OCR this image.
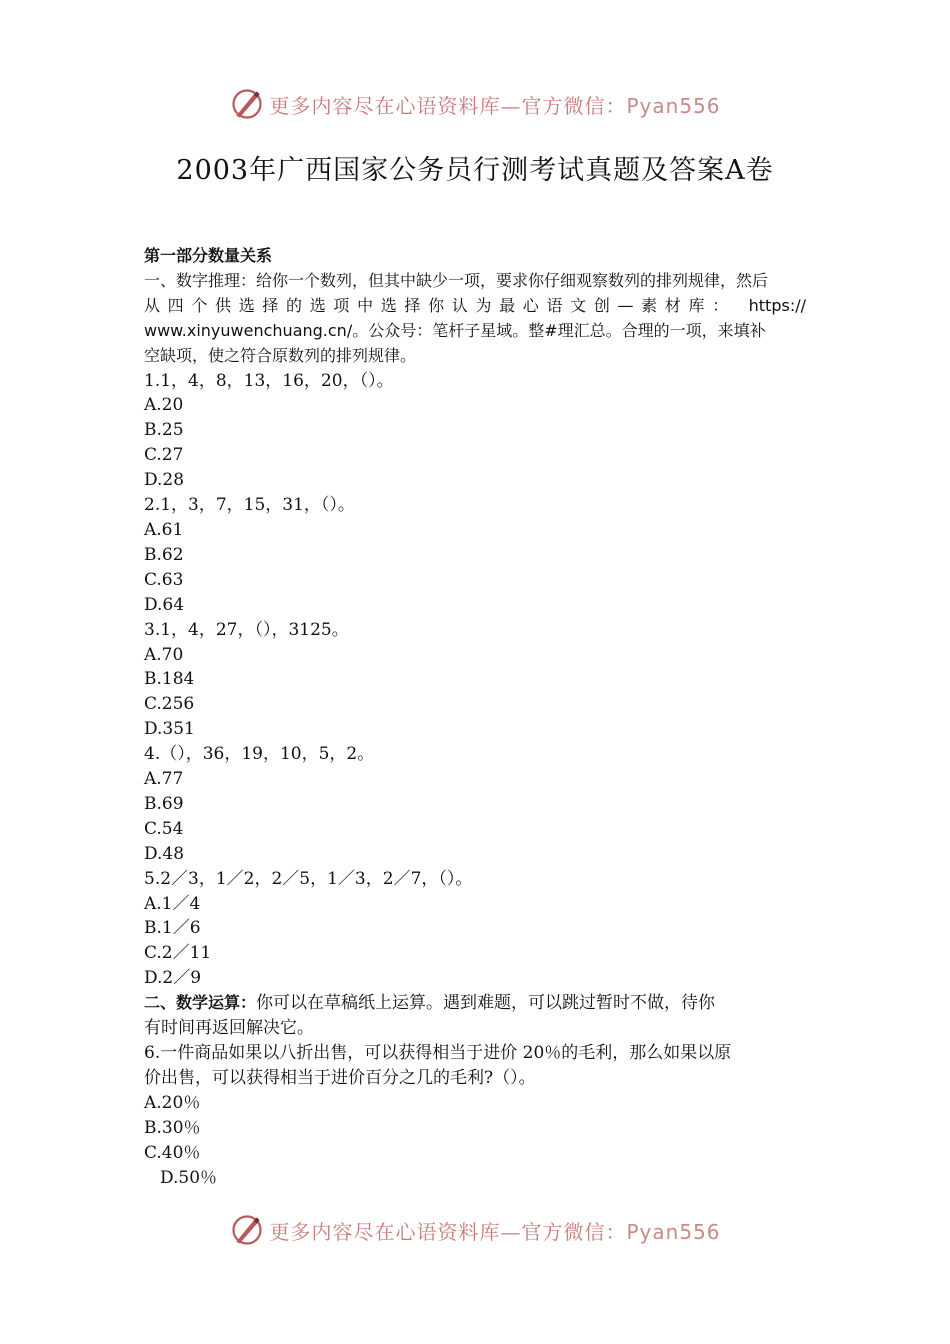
更多内容尽在心语资料库—官方微信：Pyan556
2003年广西国家公务员行测考试真题及答案A卷
第一部分数量关系
一、数字推理：给你一个数列，但其中缺少一项，要求你仔细观察数列的排列规律，然后
从四个供选择的选项中选择你认为最心语文创—素材库： https://
www.xinyuwenchuang.cn/。公众号：笔杆子星域。整#理汇总。合理的一项，来填补
空缺项，使之符合原数列的排列规律。
1.1，4，8，13，16，20，（）。
A.20
B.25
C.27
D.28
2.1，3，7，15，31，（）。
A.61
B.62
C.63
D.64
3.1，4，27，（），3125。
A.70
B.184
C.256
D.351
4.（），36，19，10，5，2。
A.77
B.69
C.54
D.48
5.2／3，1／2，2／5，1／3，2／7，（）。
A.1／4
B.1／6
C.2／11
D.2／9
二、数学运算：你可以在草稿纸上运算。遇到难题，可以跳过暂时不做，待你
有时间再返回解决它。
6.一件商品如果以八折出售，可以获得相当于进价 20％的毛利，那么如果以原
价出售，可以获得相当于进价百分之几的毛利?（）。
A.20％
B.30％
C.40％
D.50％
更多内容尽在心语资料库—官方微信：Pyan556
